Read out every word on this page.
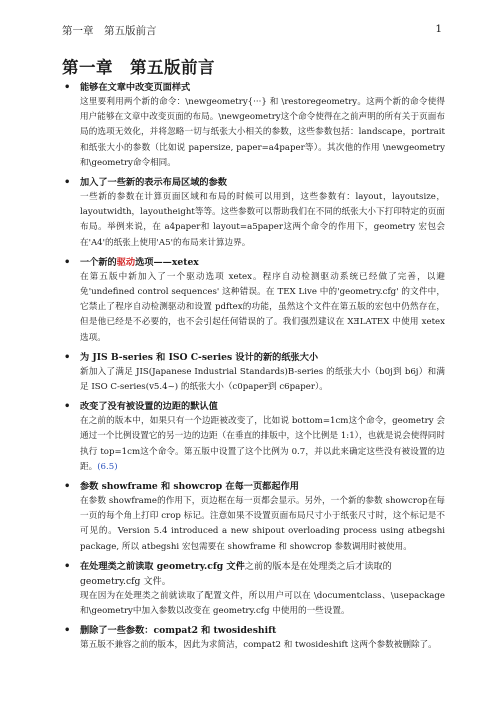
第一章　第五版前言	1
第一章　第五版前言
• 能够在文章中改变页面样式
这里要利用两个新的命令：\newgeometry{···} 和 \restoregeometry。这两个新的命令使得用户能够在文章中改变页面的布局。\newgeometry这个命令使得在之前声明的所有关于页面布局的选项无效化，并将忽略一切与纸张大小相关的参数，这些参数包括：landscape，portrait和纸张大小的参数（比如说 papersize, paper=a4paper等）。其次他的作用 \newgeometry和\geometry命令相同。
• 加入了一些新的表示布局区域的参数
一些新的参数在计算页面区域和布局的时候可以用到，这些参数有：layout，layoutsize，layoutwidth，layoutheight等等。这些参数可以帮助我们在不同的纸张大小下打印特定的页面布局。举例来说，在 a4paper和 layout=a5paper这两个命令的作用下，geometry 宏包会在'A4'的纸张上使用'A5'的布局来计算边界。
• 一个新的驱动选项——xetex
在第五版中新加入了一个驱动选项 xetex。程序自动检测驱动系统已经做了完善，以避免'undefined control sequences' 这种错误。在 TEX Live 中的'geometry.cfg' 的文件中，它禁止了程序自动检测驱动和设置 pdftex的功能，虽然这个文件在第五版的宏包中仍然存在，但是他已经是不必要的，也不会引起任何错误的了。我们强烈建议在 XƎLATEX 中使用 xetex选项。
• 为 JIS B-series 和 ISO C-series 设计的新的纸张大小
新加入了满足 JIS(Japanese Industrial Standards)B-series 的纸张大小（b0j到 b6j）和满足 ISO C-series(v5.4~) 的纸张大小（c0paper到 c6paper）。
• 改变了没有被设置的边距的默认值
在之前的版本中，如果只有一个边距被改变了，比如说 bottom=1cm这个命令，geometry 会通过一个比例设置它的另一边的边距（在垂直的排版中，这个比例是 1:1），也就是说会使得同时执行 top=1cm这个命令。第五版中设置了这个比例为 0.7，并以此来确定这些没有被设置的边距。(6.5)
• 参数 showframe 和 showcrop 在每一页都起作用
在参数 showframe的作用下，页边框在每一页都会显示。另外，一个新的参数 showcrop在每一页的每个角上打印 crop 标记。注意如果不设置页面布局尺寸小于纸张尺寸时，这个标记是不可见的。Version 5.4 introduced a new shipout overloading process using atbegshi package, 所以 atbegshi 宏包需要在 showframe 和 showcrop 参数调用时被使用。
• 在处理类之前读取 geometry.cfg 文件之前的版本是在处理类之后才读取的 geometry.cfg 文件。
现在因为在处理类之前就读取了配置文件，所以用户可以在 \documentclass、\usepackage和\geometry中加入参数以改变在 geometry.cfg 中使用的一些设置。
• 删除了一些参数：compat2 和 twosideshift
第五版不兼容之前的版本，因此为求简洁，compat2 和 twosideshift 这两个参数被删除了。
